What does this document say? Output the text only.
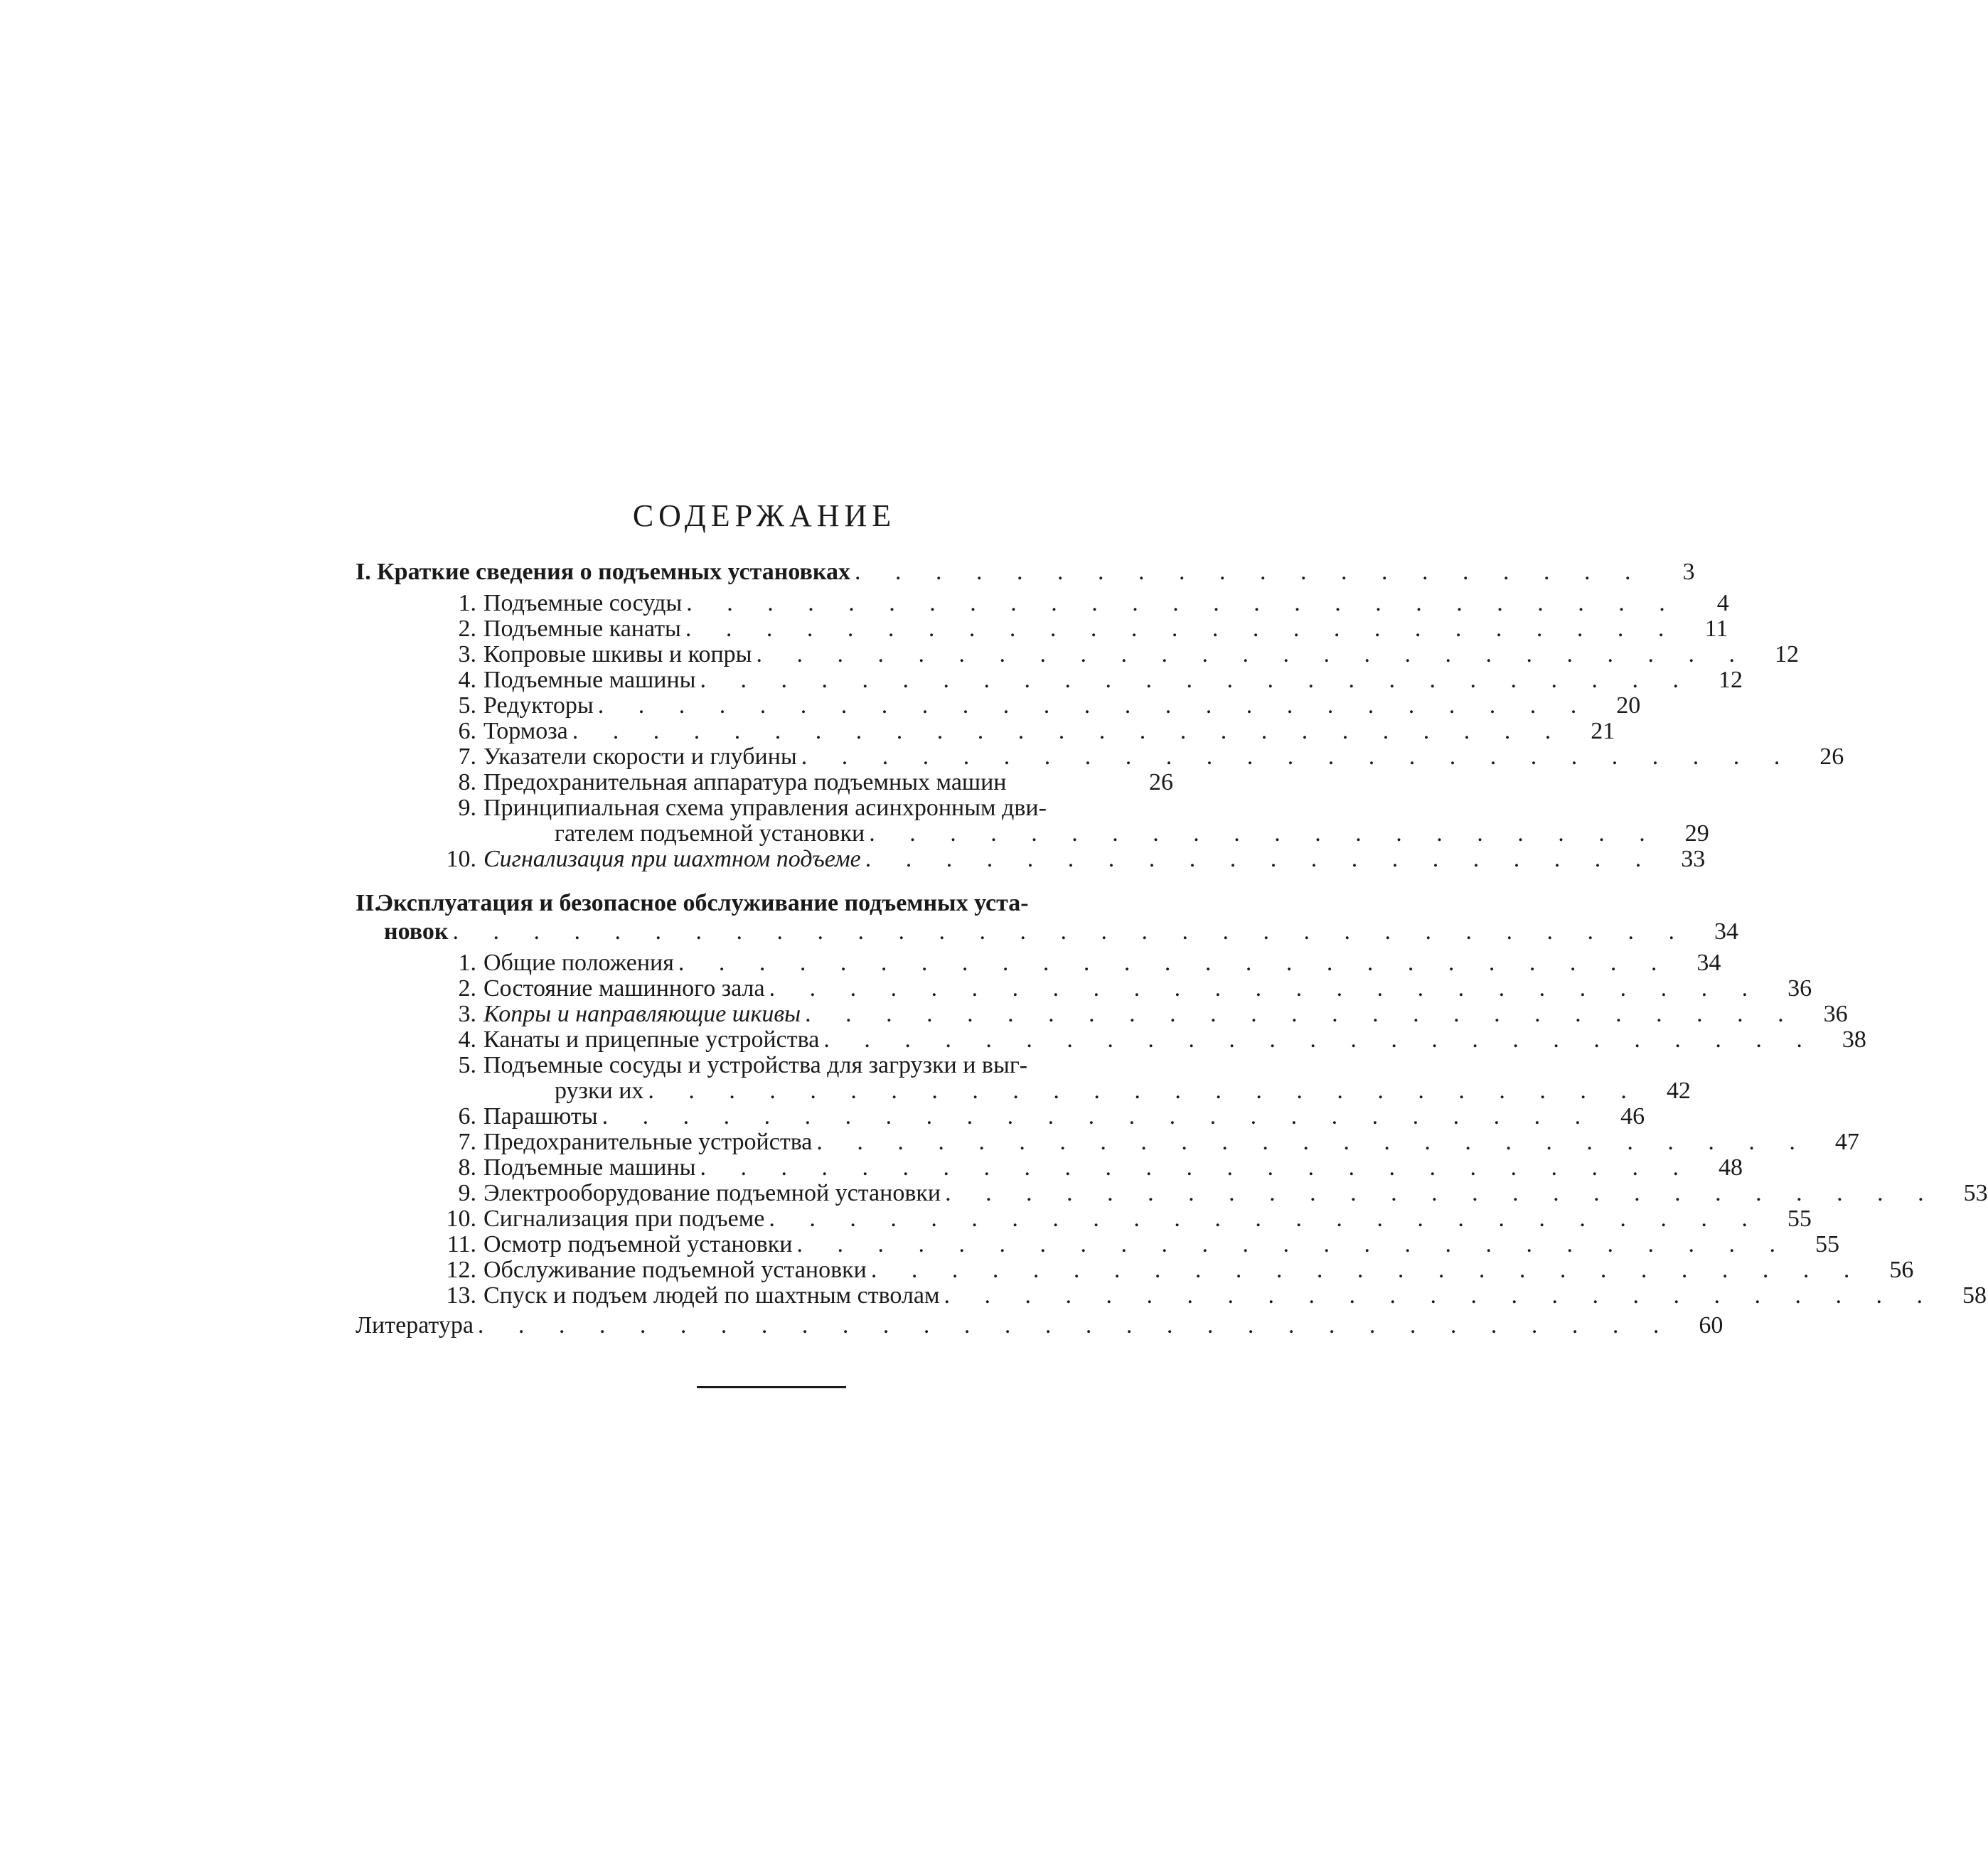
СОДЕРЖАНИЕ
I. Краткие сведения о подъемных установках . . . . . . . . . . . . . . . . . . . .	3
1. Подъемные сосуды . . . . . . . . . . . . . . . . . . . . . . . . .	4
2. Подъемные канаты . . . . . . . . . . . . . . . . . . . . . . . . .	11
3. Копровые шкивы и копры . . . . . . . . . . . . . . . . . . . . . . . . .	12
4. Подъемные машины . . . . . . . . . . . . . . . . . . . . . . . . .	12
5. Редукторы . . . . . . . . . . . . . . . . . . . . . . . . .	20
6. Тормоза . . . . . . . . . . . . . . . . . . . . . . . . .	21
7. Указатели скорости и глубины . . . . . . . . . . . . . . . . . . . . . . . . .	26
8. Предохранительная аппаратура подъемных машин	26
9. Принципиальная схема управления асинхронным дви-
гателем подъемной установки . . . . . . . . . . . . . . . . . . . .	29
10. Сигнализация при шахтном подъеме . . . . . . . . . . . . . . . . . . . .	33
II.
Эксплуатация и безопасное обслуживание подъемных уста-
новок . . . . . . . . . . . . . . . . . . . . . . . . . . . . . . .	34
1. Общие положения . . . . . . . . . . . . . . . . . . . . . . . . .	34
2. Состояние машинного зала . . . . . . . . . . . . . . . . . . . . . . . . .	36
3. Копры и направляющие шкивы . . . . . . . . . . . . . . . . . . . . . . . . .	36
4. Канаты и прицепные устройства . . . . . . . . . . . . . . . . . . . . . . . . .	38
5. Подъемные сосуды и устройства для загрузки и выг-
рузки их . . . . . . . . . . . . . . . . . . . . . . . . .	42
6. Парашюты . . . . . . . . . . . . . . . . . . . . . . . . .	46
7. Предохранительные устройства . . . . . . . . . . . . . . . . . . . . . . . . .	47
8. Подъемные машины . . . . . . . . . . . . . . . . . . . . . . . . .	48
9. Электрооборудование подъемной установки . . . . . . . . . . . . . . . . . . . . . . . . .	53
10. Сигнализация при подъеме . . . . . . . . . . . . . . . . . . . . . . . . .	55
11. Осмотр подъемной установки . . . . . . . . . . . . . . . . . . . . . . . . .	55
12. Обслуживание подъемной установки . . . . . . . . . . . . . . . . . . . . . . . . .	56
13. Спуск и подъем людей по шахтным стволам . . . . . . . . . . . . . . . . . . . . . . . . .	58
Литература . . . . . . . . . . . . . . . . . . . . . . . . . . . . . .	60
